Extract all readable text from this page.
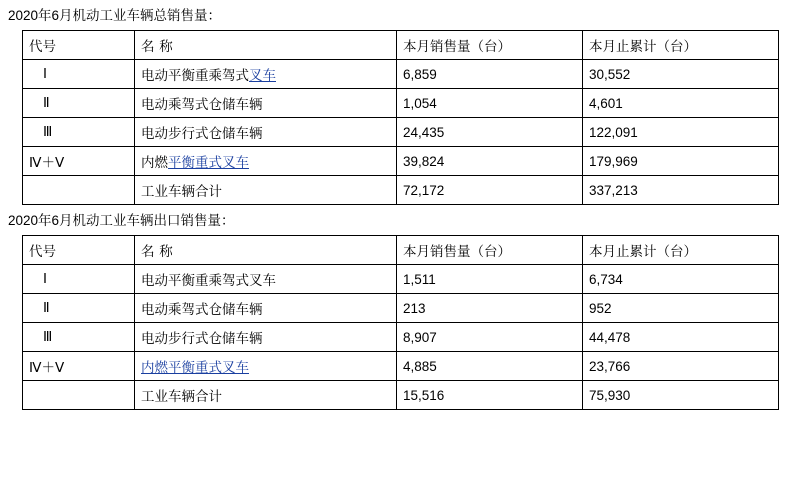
2020年6月机动工业车辆总销售量：
代号	名 称	本月销售量（台）	本月止累计（台）
Ⅰ	电动平衡重乘驾式叉车	6,859	30,552
Ⅱ	电动乘驾式仓储车辆	1,054	4,601
Ⅲ	电动步行式仓储车辆	24,435	122,091
Ⅳ＋Ⅴ	内燃平衡重式叉车	39,824	179,969
	工业车辆合计	72,172	337,213
2020年6月机动工业车辆出口销售量：
代号	名 称	本月销售量（台）	本月止累计（台）
Ⅰ	电动平衡重乘驾式叉车	1,511	6,734
Ⅱ	电动乘驾式仓储车辆	213	952
Ⅲ	电动步行式仓储车辆	8,907	44,478
Ⅳ＋Ⅴ	内燃平衡重式叉车	4,885	23,766
	工业车辆合计	15,516	75,930
